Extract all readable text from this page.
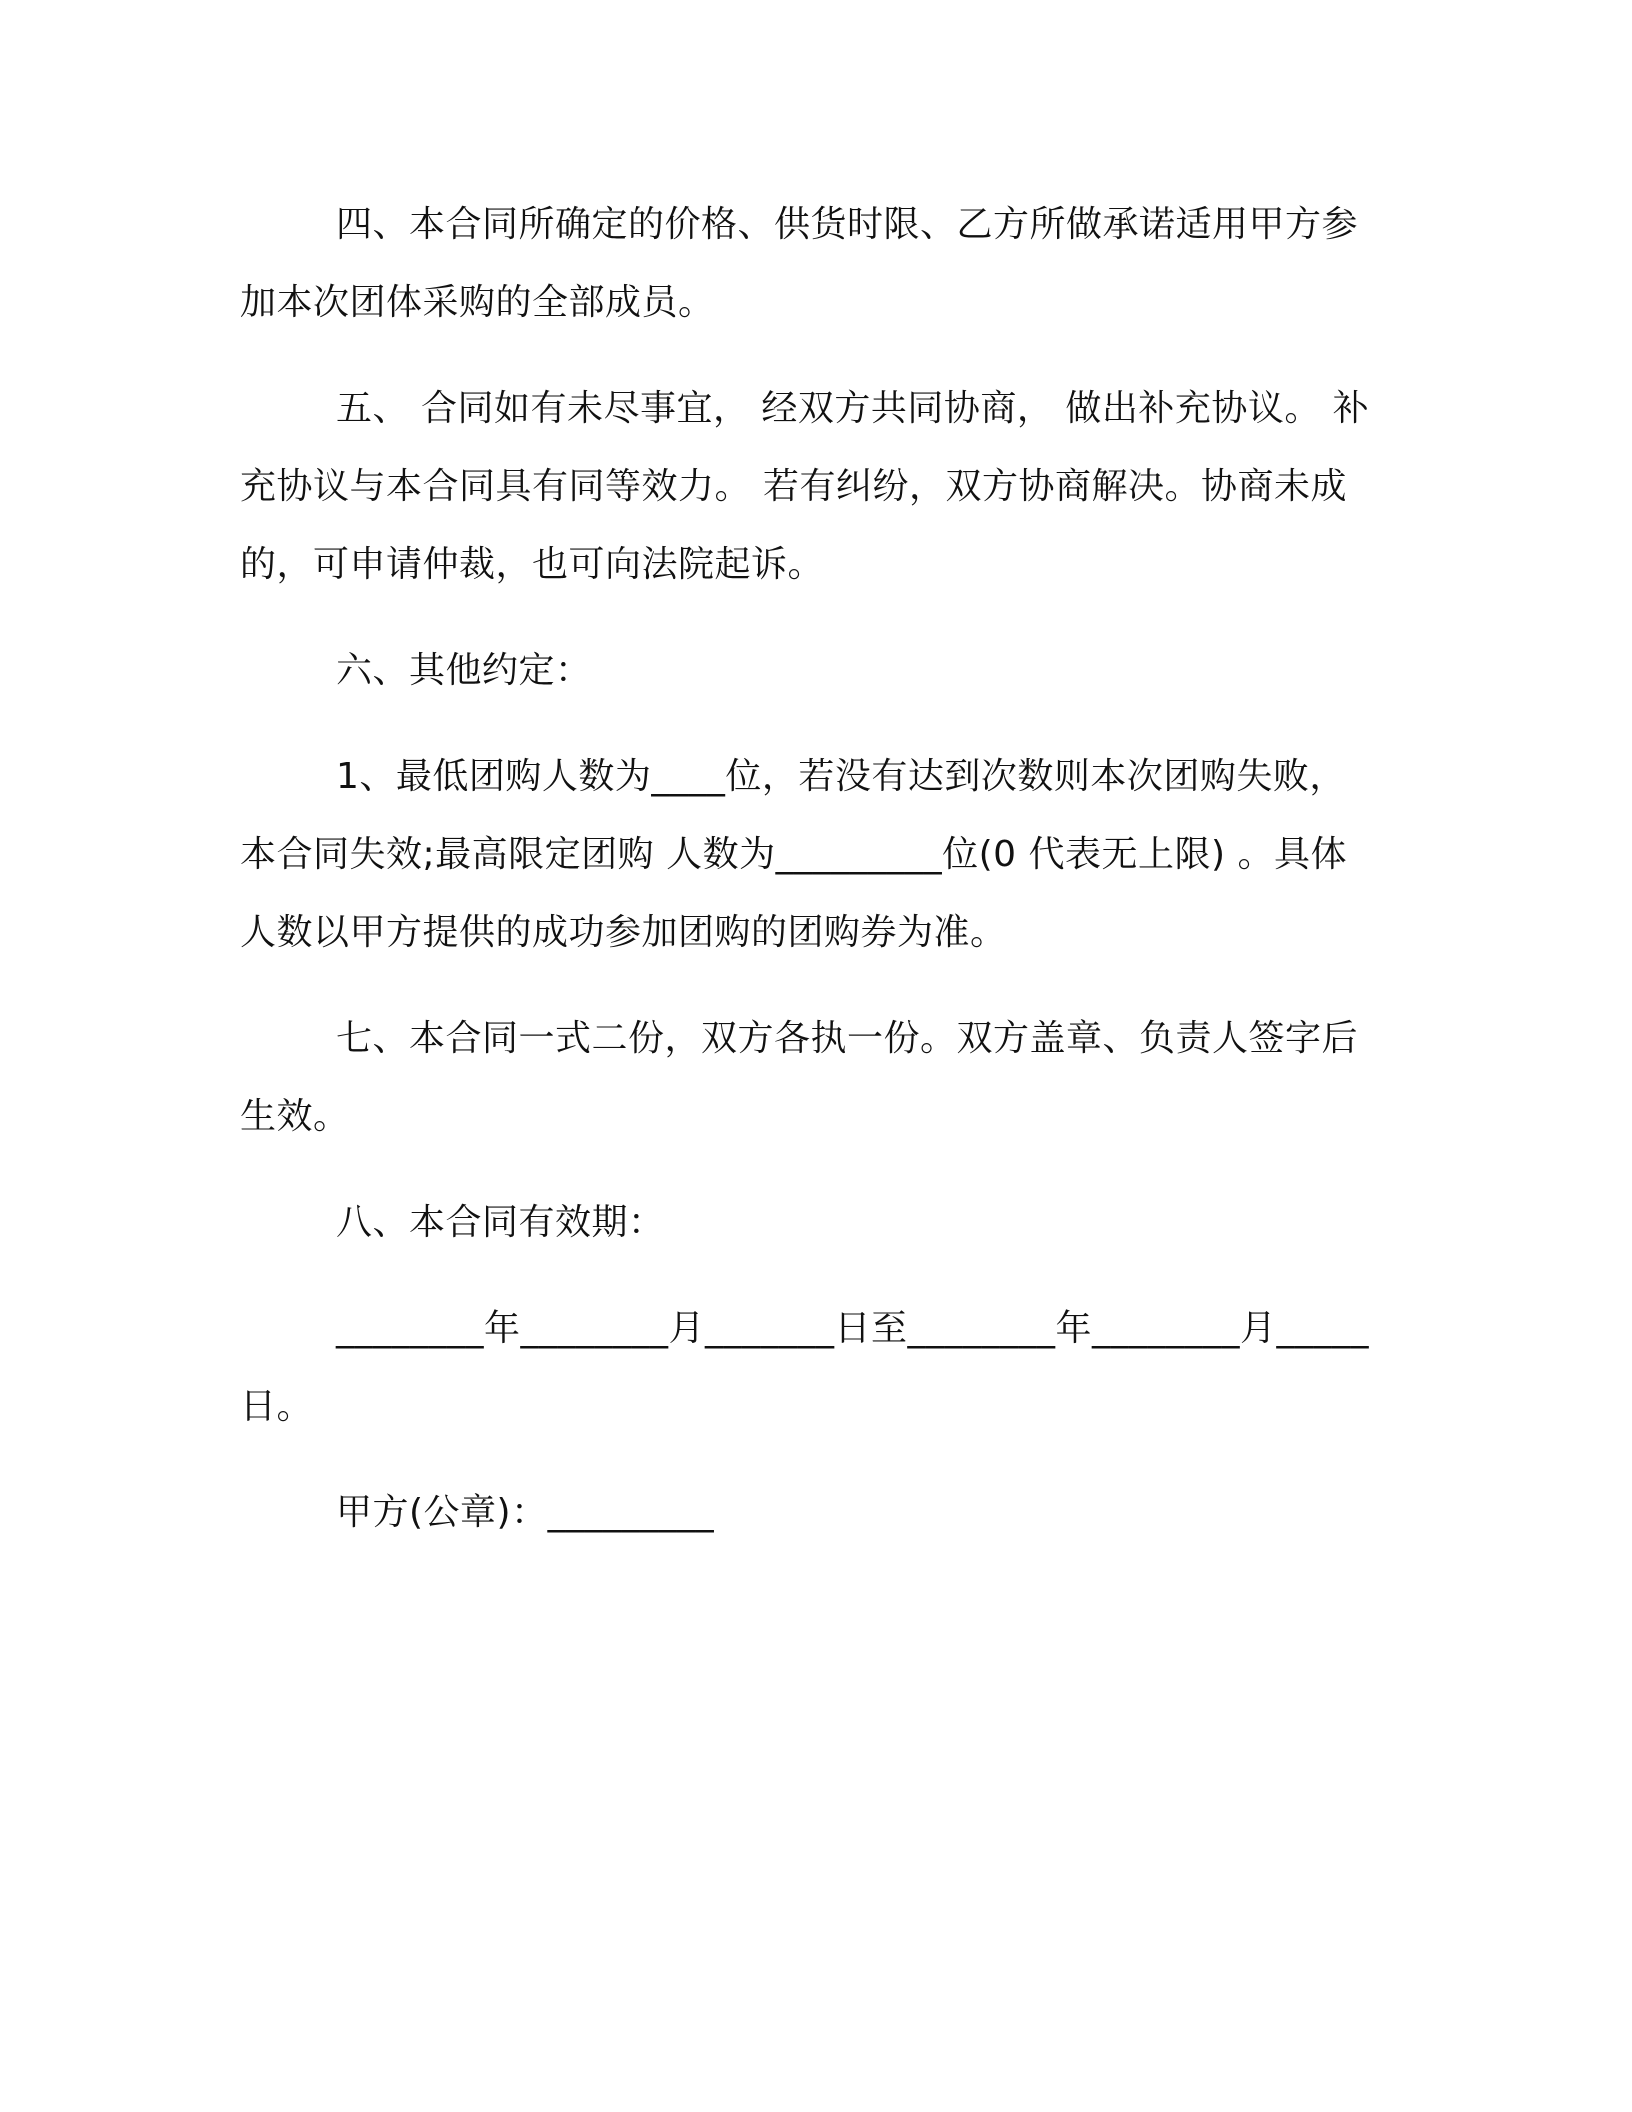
四、本合同所确定的价格、供货时限、乙方所做承诺适用甲方参加本次团体采购的全部成员。

五、 合同如有未尽事宜， 经双方共同协商， 做出补充协议。 补充协议与本合同具有同等效力。 若有纠纷，双方协商解决。协商未成的，可申请仲裁，也可向法院起诉。

六、其他约定：

1、最低团购人数为____位，若没有达到次数则本次团购失败，本合同失效;最高限定团购 人数为_________位(0 代表无上限) 。具体人数以甲方提供的成功参加团购的团购券为准。

七、本合同一式二份，双方各执一份。双方盖章、负责人签字后生效。

八、本合同有效期：

________年________月_______日至________年________月_____日。

甲方(公章)：_________
